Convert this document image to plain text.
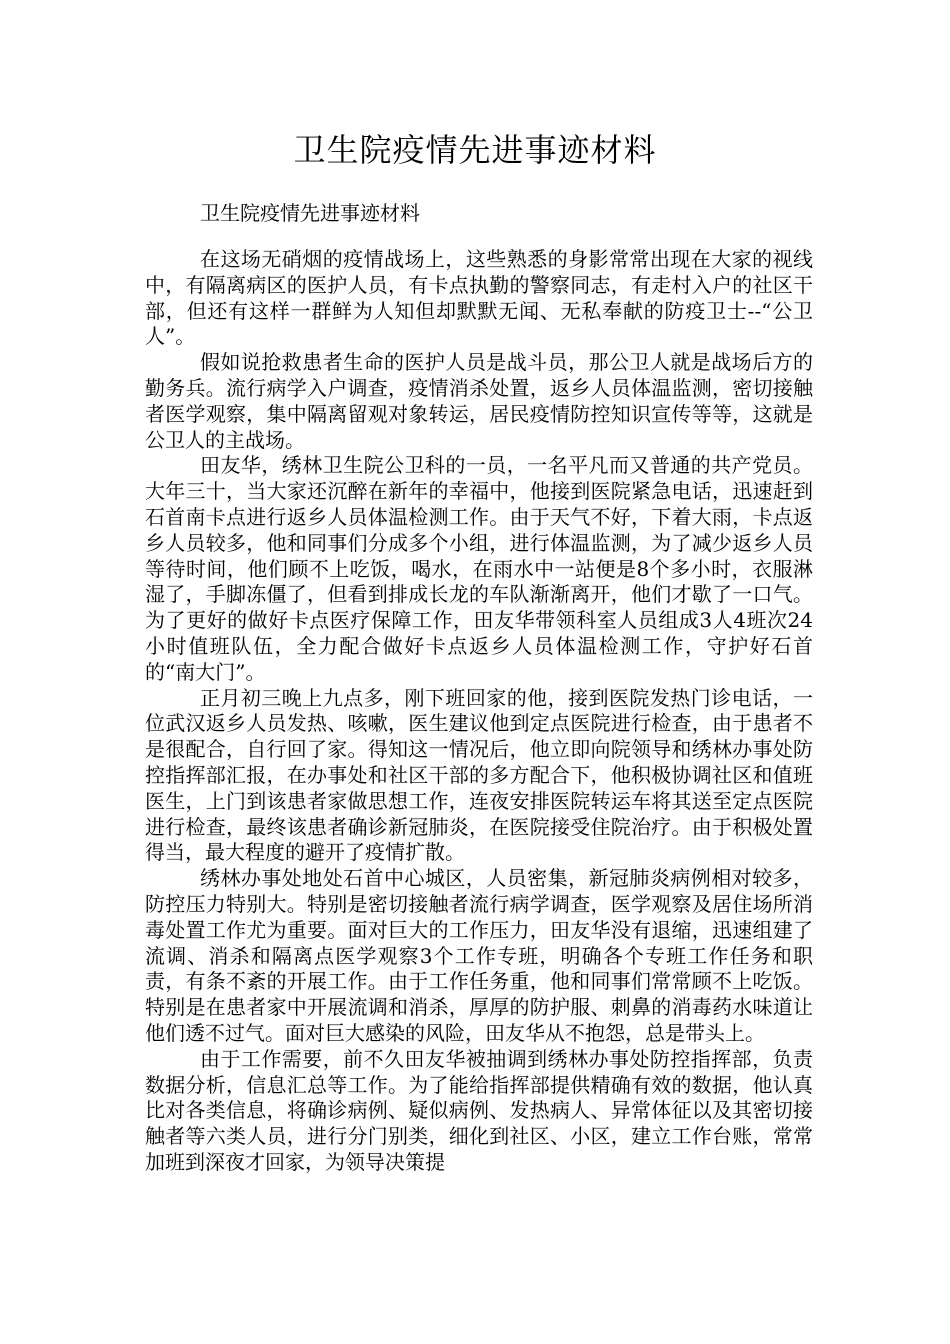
卫生院疫情先进事迹材料

卫生院疫情先进事迹材料

在这场无硝烟的疫情战场上，这些熟悉的身影常常出现在大家的视线中，有隔离病区的医护人员，有卡点执勤的警察同志，有走村入户的社区干部，但还有这样一群鲜为人知但却默默无闻、无私奉献的防疫卫士--“公卫人”。

假如说抢救患者生命的医护人员是战斗员，那公卫人就是战场后方的勤务兵。流行病学入户调查，疫情消杀处置，返乡人员体温监测，密切接触者医学观察，集中隔离留观对象转运，居民疫情防控知识宣传等等，这就是公卫人的主战场。

田友华，绣林卫生院公卫科的一员，一名平凡而又普通的共产党员。大年三十，当大家还沉醉在新年的幸福中，他接到医院紧急电话，迅速赶到石首南卡点进行返乡人员体温检测工作。由于天气不好，下着大雨，卡点返乡人员较多，他和同事们分成多个小组，进行体温监测，为了减少返乡人员等待时间，他们顾不上吃饭，喝水，在雨水中一站便是8个多小时，衣服淋湿了，手脚冻僵了，但看到排成长龙的车队渐渐离开，他们才歇了一口气。为了更好的做好卡点医疗保障工作，田友华带领科室人员组成3人4班次24小时值班队伍，全力配合做好卡点返乡人员体温检测工作，守护好石首的“南大门”。

正月初三晚上九点多，刚下班回家的他，接到医院发热门诊电话，一位武汉返乡人员发热、咳嗽，医生建议他到定点医院进行检查，由于患者不是很配合，自行回了家。得知这一情况后，他立即向院领导和绣林办事处防控指挥部汇报，在办事处和社区干部的多方配合下，他积极协调社区和值班医生，上门到该患者家做思想工作，连夜安排医院转运车将其送至定点医院进行检查，最终该患者确诊新冠肺炎，在医院接受住院治疗。由于积极处置得当，最大程度的避开了疫情扩散。

绣林办事处地处石首中心城区，人员密集，新冠肺炎病例相对较多，防控压力特别大。特别是密切接触者流行病学调查，医学观察及居住场所消毒处置工作尤为重要。面对巨大的工作压力，田友华没有退缩，迅速组建了流调、消杀和隔离点医学观察3个工作专班，明确各个专班工作任务和职责，有条不紊的开展工作。由于工作任务重，他和同事们常常顾不上吃饭。特别是在患者家中开展流调和消杀，厚厚的防护服、刺鼻的消毒药水味道让他们透不过气。面对巨大感染的风险，田友华从不抱怨，总是带头上。

由于工作需要，前不久田友华被抽调到绣林办事处防控指挥部，负责数据分析，信息汇总等工作。为了能给指挥部提供精确有效的数据，他认真比对各类信息，将确诊病例、疑似病例、发热病人、异常体征以及其密切接触者等六类人员，进行分门别类，细化到社区、小区，建立工作台账，常常加班到深夜才回家，为领导决策提
